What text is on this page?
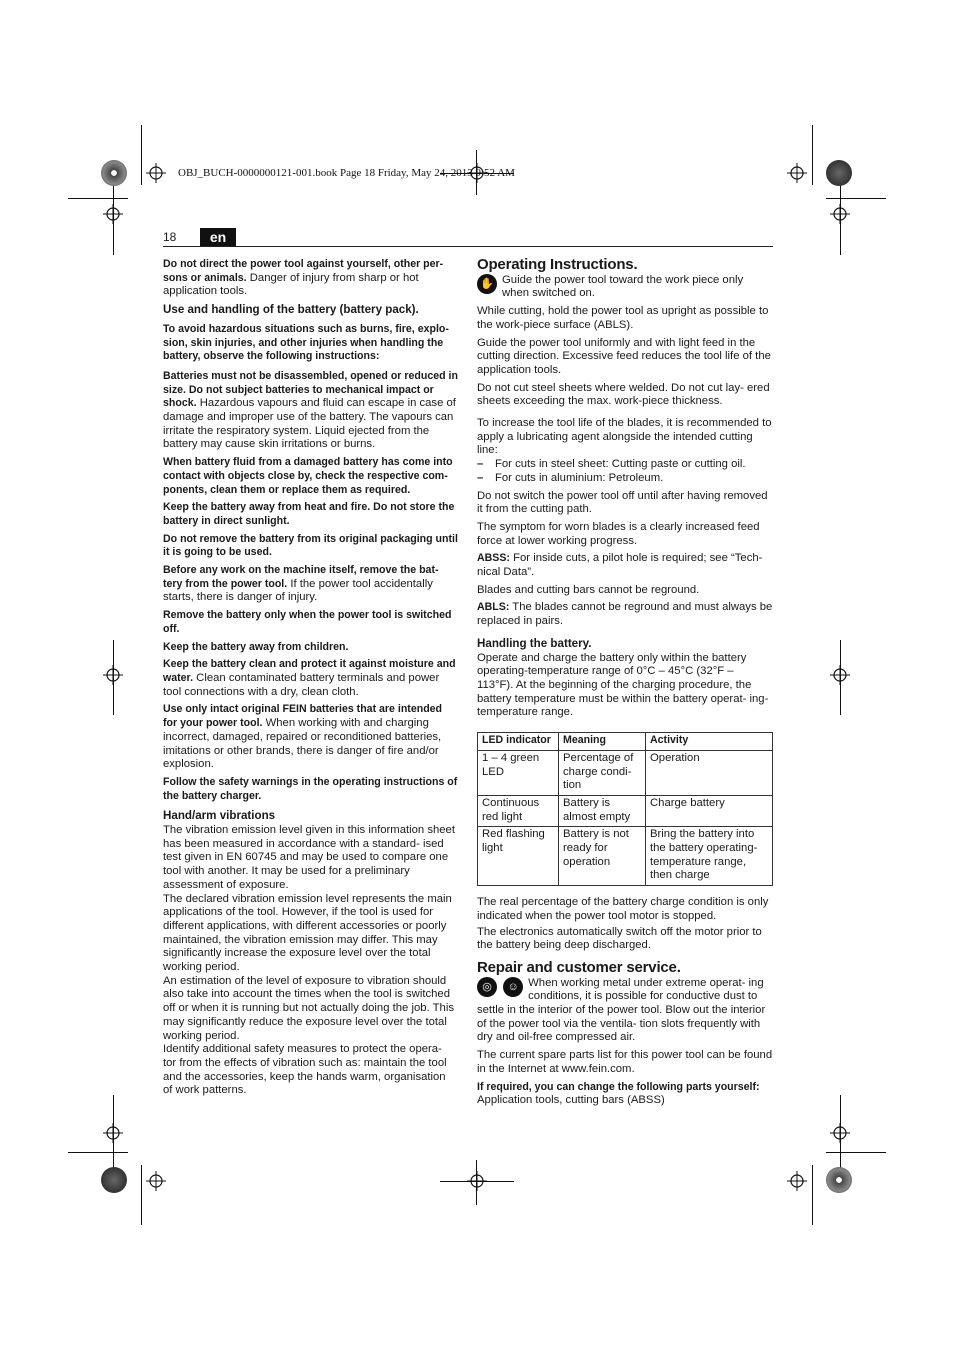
OBJ_BUCH-0000000121-001.book Page 18 Friday, May 24, 2013 9:52 AM
18	en

Do not direct the power tool against yourself, other per- sons or animals. Danger of injury from sharp or hot application tools.

Use and handling of the battery (battery pack).

To avoid hazardous situations such as burns, fire, explo- sion, skin injuries, and other injuries when handling the battery, observe the following instructions:

Batteries must not be disassembled, opened or reduced in size. Do not subject batteries to mechanical impact or shock. Hazardous vapours and fluid can escape in case of damage and improper use of the battery. The vapours can irritate the respiratory system. Liquid ejected from the battery may cause skin irritations or burns.

When battery fluid from a damaged battery has come into contact with objects close by, check the respective com- ponents, clean them or replace them as required.

Keep the battery away from heat and fire. Do not store the battery in direct sunlight.

Do not remove the battery from its original packaging until it is going to be used.

Before any work on the machine itself, remove the bat- tery from the power tool. If the power tool accidentally starts, there is danger of injury.

Remove the battery only when the power tool is switched off.

Keep the battery away from children.

Keep the battery clean and protect it against moisture and water. Clean contaminated battery terminals and power tool connections with a dry, clean cloth.

Use only intact original FEIN batteries that are intended for your power tool. When working with and charging incorrect, damaged, repaired or reconditioned batteries, imitations or other brands, there is danger of fire and/or explosion.

Follow the safety warnings in the operating instructions of the battery charger.

Hand/arm vibrations

The vibration emission level given in this information sheet has been measured in accordance with a standard- ised test given in EN 60745 and may be used to compare one tool with another. It may be used for a preliminary assessment of exposure.

The declared vibration emission level represents the main applications of the tool. However, if the tool is used for different applications, with different accessories or poorly maintained, the vibration emission may differ. This may significantly increase the exposure level over the total working period.

An estimation of the level of exposure to vibration should also take into account the times when the tool is switched off or when it is running but not actually doing the job. This may significantly reduce the exposure level over the total working period.

Identify additional safety measures to protect the opera- tor from the effects of vibration such as: maintain the tool and the accessories, keep the hands warm, organisation of work patterns.

Operating Instructions.

✋ Guide the power tool toward the work piece only when switched on.

While cutting, hold the power tool as upright as possible to the work-piece surface (ABLS).

Guide the power tool uniformly and with light feed in the cutting direction. Excessive feed reduces the tool life of the application tools.

Do not cut steel sheets where welded. Do not cut lay- ered sheets exceeding the max. work-piece thickness.

To increase the tool life of the blades, it is recommended to apply a lubricating agent alongside the intended cutting line:

–	For cuts in steel sheet: Cutting paste or cutting oil.
–	For cuts in aluminium: Petroleum.

Do not switch the power tool off until after having removed it from the cutting path.

The symptom for worn blades is a clearly increased feed force at lower working progress.

ABSS: For inside cuts, a pilot hole is required; see “Tech- nical Data”.

Blades and cutting bars cannot be reground.

ABLS: The blades cannot be reground and must always be replaced in pairs.

Handling the battery.

Operate and charge the battery only within the battery operating-temperature range of 0°C – 45°C (32°F – 113°F). At the beginning of the charging procedure, the battery temperature must be within the battery operat- ing-temperature range.

LED indicator	Meaning	Activity
1 – 4 green LED	Percentage of charge condi- tion	Operation
Continuous red light	Battery is almost empty	Charge battery
Red flashing light	Battery is not ready for operation	Bring the battery into the battery operating- temperature range, then charge

The real percentage of the battery charge condition is only indicated when the power tool motor is stopped.

The electronics automatically switch off the motor prior to the battery being deep discharged.

Repair and customer service.

◎ ☺ When working metal under extreme operat- ing conditions, it is possible for conductive dust to settle in the interior of the power tool. Blow out the interior of the power tool via the ventila- tion slots frequently with dry and oil-free compressed air.

The current spare parts list for this power tool can be found in the Internet at www.fein.com.

If required, you can change the following parts yourself:

Application tools, cutting bars (ABSS)
